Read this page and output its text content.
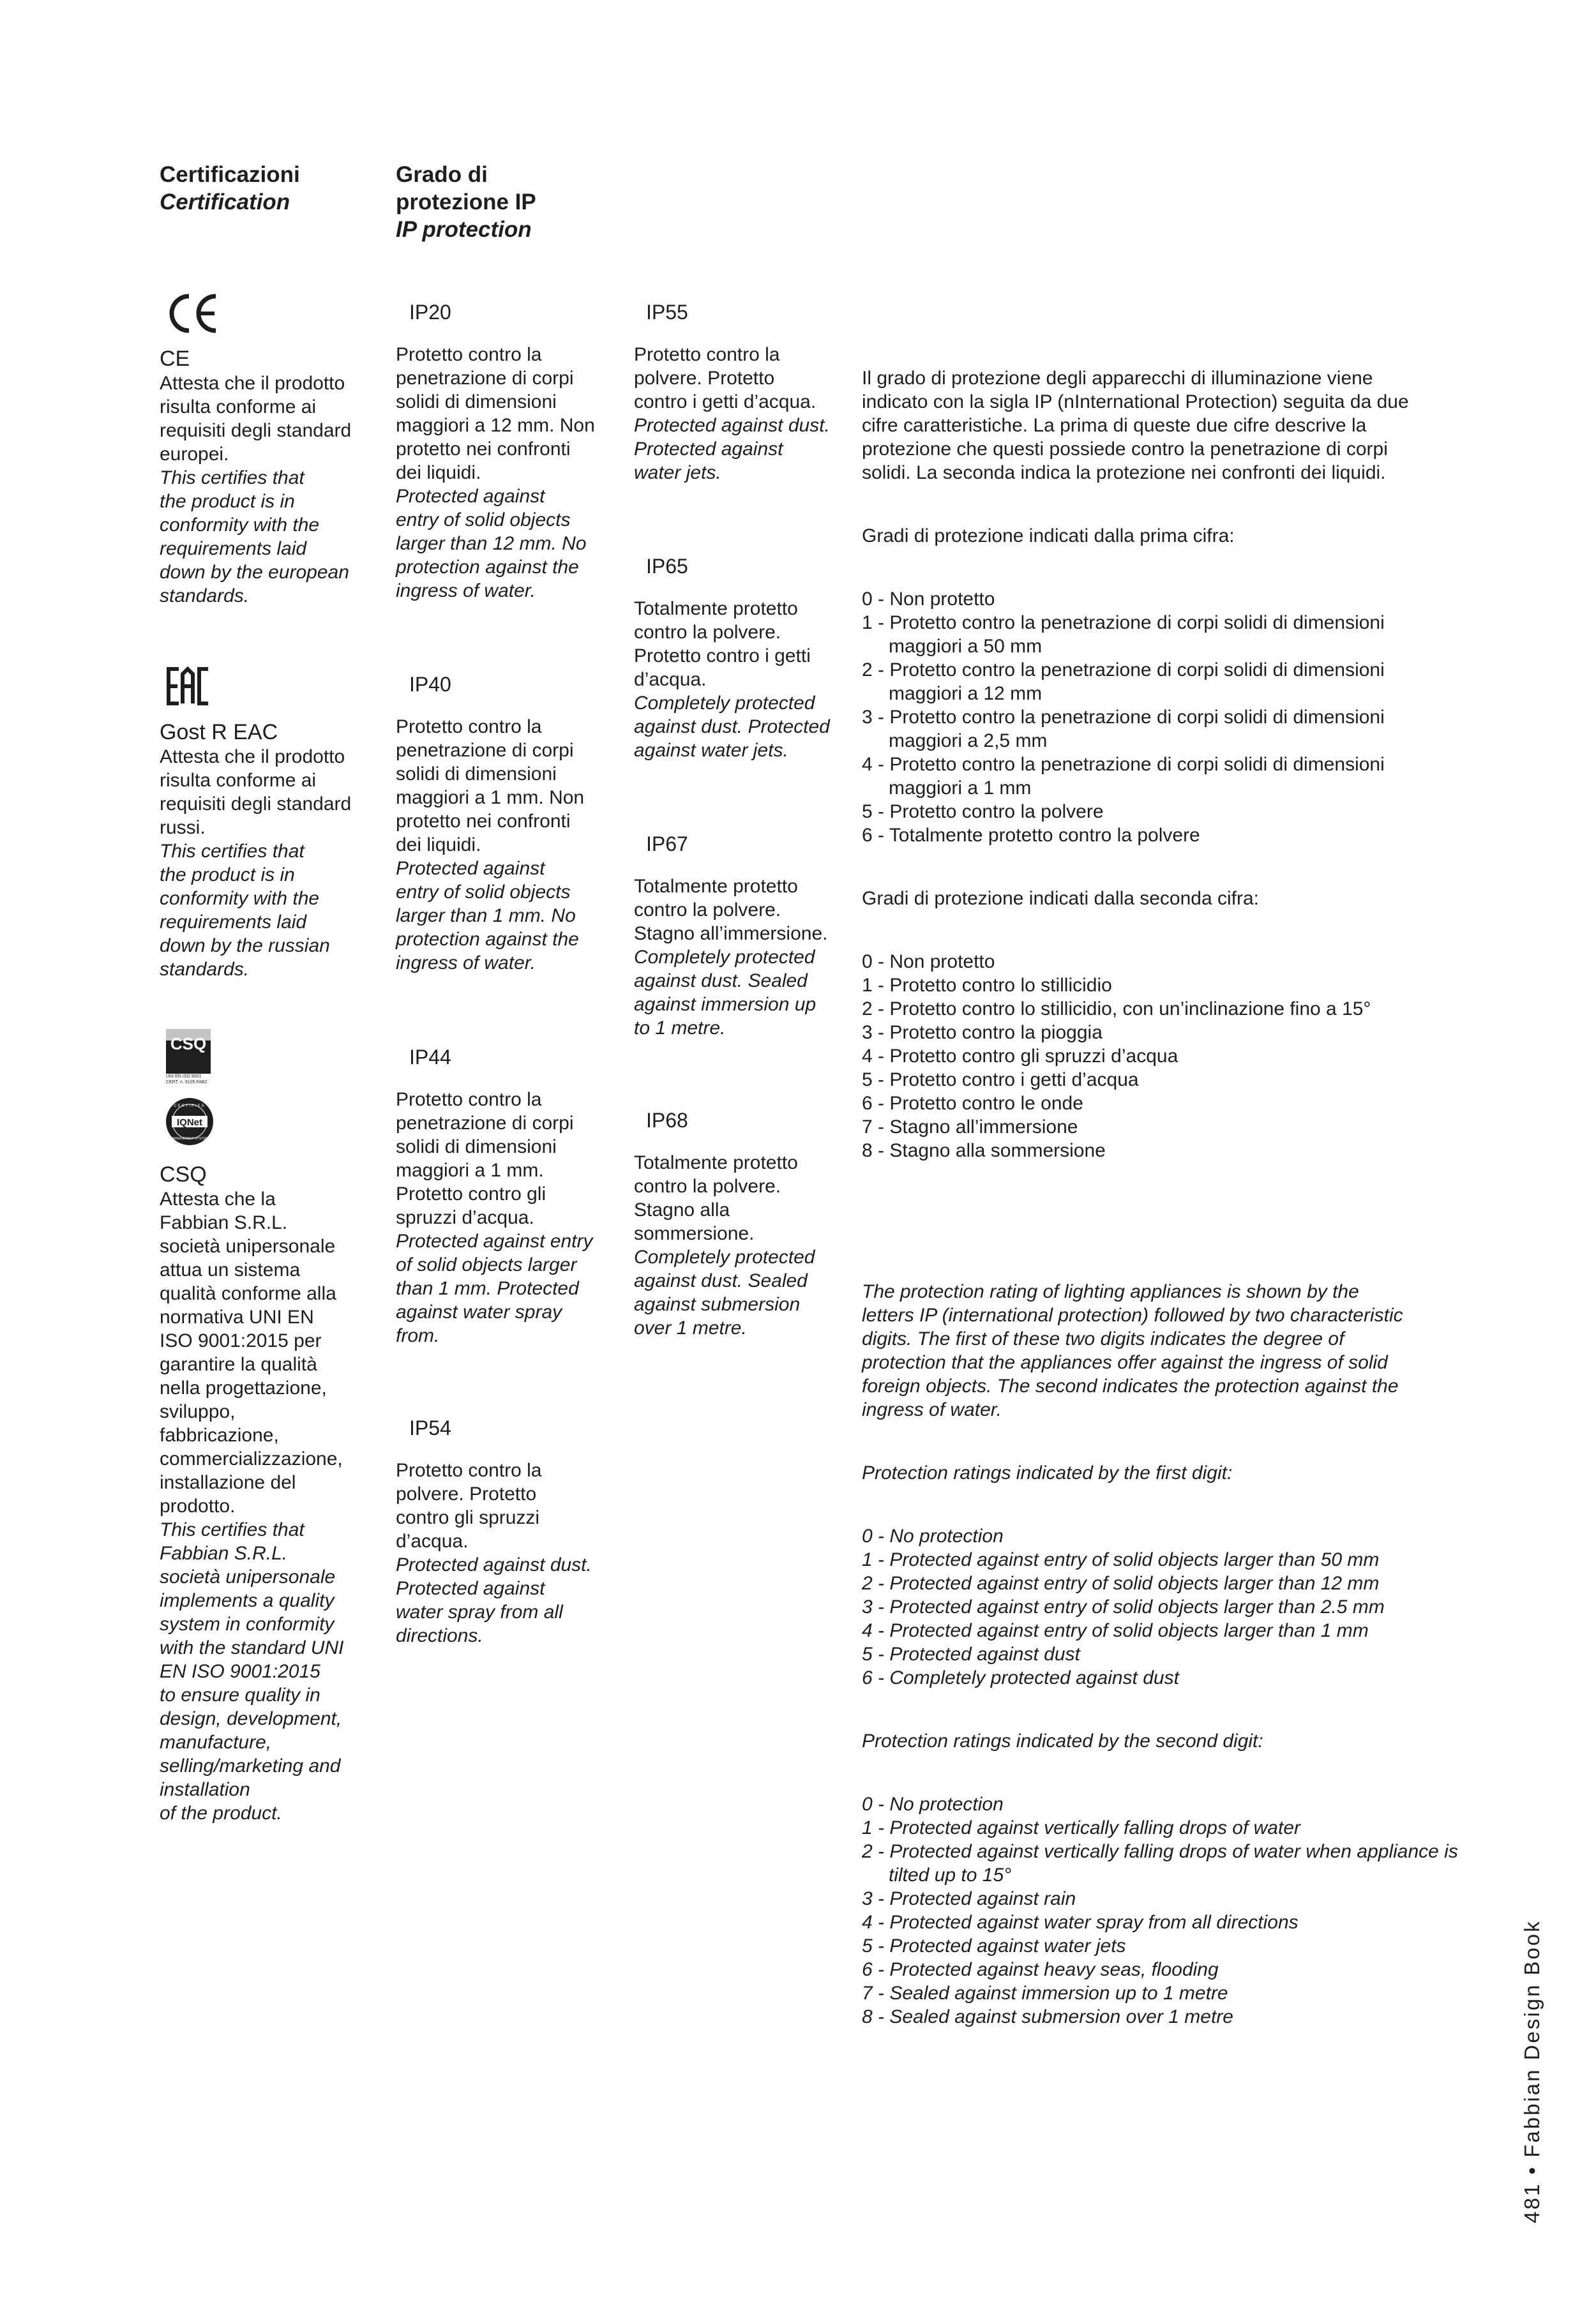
Certificazioni
Certification
Grado di
protezione IP
IP protection
CE
Attesta che il prodotto
risulta conforme ai
requisiti degli standard
europei.
This certifies that
the product is in
conformity with the
requirements laid
down by the european
standards.
Gost R EAC
Attesta che il prodotto
risulta conforme ai
requisiti degli standard
russi.
This certifies that
the product is in
conformity with the
requirements laid
down by the russian
standards.
CSQ
UNI EN ISO 9001
CERT. n. 9105.FAB2
IQNet
CERTIFIED
MANAGEMENT SYSTEM
CSQ
Attesta che la
Fabbian S.R.L.
società unipersonale
attua un sistema
qualità conforme alla
normativa UNI EN
ISO 9001:2015 per
garantire la qualità
nella progettazione,
sviluppo,
fabbricazione,
commercializzazione,
installazione del
prodotto.
This certifies that
Fabbian S.R.L.
società unipersonale
implements a quality
system in conformity
with the standard UNI
EN ISO 9001:2015
to ensure quality in
design, development,
manufacture,
selling/marketing and
installation
of the product.
IP20
Protetto contro la
penetrazione di corpi
solidi di dimensioni
maggiori a 12 mm. Non
protetto nei confronti
dei liquidi.
Protected against
entry of solid objects
larger than 12 mm. No
protection against the
ingress of water.
IP40
Protetto contro la
penetrazione di corpi
solidi di dimensioni
maggiori a 1 mm. Non
protetto nei confronti
dei liquidi.
Protected against
entry of solid objects
larger than 1 mm. No
protection against the
ingress of water.
IP44
Protetto contro la
penetrazione di corpi
solidi di dimensioni
maggiori a 1 mm.
Protetto contro gli
spruzzi d’acqua.
Protected against entry
of solid objects larger
than 1 mm. Protected
against water spray
from.
IP54
Protetto contro la
polvere. Protetto
contro gli spruzzi
d’acqua.
Protected against dust.
Protected against
water spray from all
directions.
IP55
Protetto contro la
polvere. Protetto
contro i getti d’acqua.
Protected against dust.
Protected against
water jets.
IP65
Totalmente protetto
contro la polvere.
Protetto contro i getti
d’acqua.
Completely protected
against dust. Protected
against water jets.
IP67
Totalmente protetto
contro la polvere.
Stagno all’immersione.
Completely protected
against dust. Sealed
against immersion up
to 1 metre.
IP68
Totalmente protetto
contro la polvere.
Stagno alla
sommersione.
Completely protected
against dust. Sealed
against submersion
over 1 metre.

Il grado di protezione degli apparecchi di illuminazione viene
indicato con la sigla IP (nInternational Protection) seguita da due
cifre caratteristiche. La prima di queste due cifre descrive la
protezione che questi possiede contro la penetrazione di corpi
solidi. La seconda indica la protezione nei confronti dei liquidi.

Gradi di protezione indicati dalla prima cifra:

0 - Non protetto
1 - Protetto contro la penetrazione di corpi solidi di dimensioni maggiori a 50 mm
2 - Protetto contro la penetrazione di corpi solidi di dimensioni maggiori a 12 mm
3 - Protetto contro la penetrazione di corpi solidi di dimensioni maggiori a 2,5 mm
4 - Protetto contro la penetrazione di corpi solidi di dimensioni maggiori a 1 mm
5 - Protetto contro la polvere
6 - Totalmente protetto contro la polvere

Gradi di protezione indicati dalla seconda cifra:

0 - Non protetto
1 - Protetto contro lo stillicidio
2 - Protetto contro lo stillicidio, con un’inclinazione fino a 15°
3 - Protetto contro la pioggia
4 - Protetto contro gli spruzzi d’acqua
5 - Protetto contro i getti d’acqua
6 - Protetto contro le onde
7 - Stagno all’immersione
8 - Stagno alla sommersione

The protection rating of lighting appliances is shown by the
letters IP (international protection) followed by two characteristic
digits. The first of these two digits indicates the degree of
protection that the appliances offer against the ingress of solid
foreign objects. The second indicates the protection against the
ingress of water.

Protection ratings indicated by the first digit:

0 - No protection
1 - Protected against entry of solid objects larger than 50 mm
2 - Protected against entry of solid objects larger than 12 mm
3 - Protected against entry of solid objects larger than 2.5 mm
4 - Protected against entry of solid objects larger than 1 mm
5 - Protected against dust
6 - Completely protected against dust

Protection ratings indicated by the second digit:

0 - No protection
1 - Protected against vertically falling drops of water
2 - Protected against vertically falling drops of water when appliance is tilted up to 15°
3 - Protected against rain
4 - Protected against water spray from all directions
5 - Protected against water jets
6 - Protected against heavy seas, flooding
7 - Sealed against immersion up to 1 metre
8 - Sealed against submersion over 1 metre

481 • Fabbian Design Book
